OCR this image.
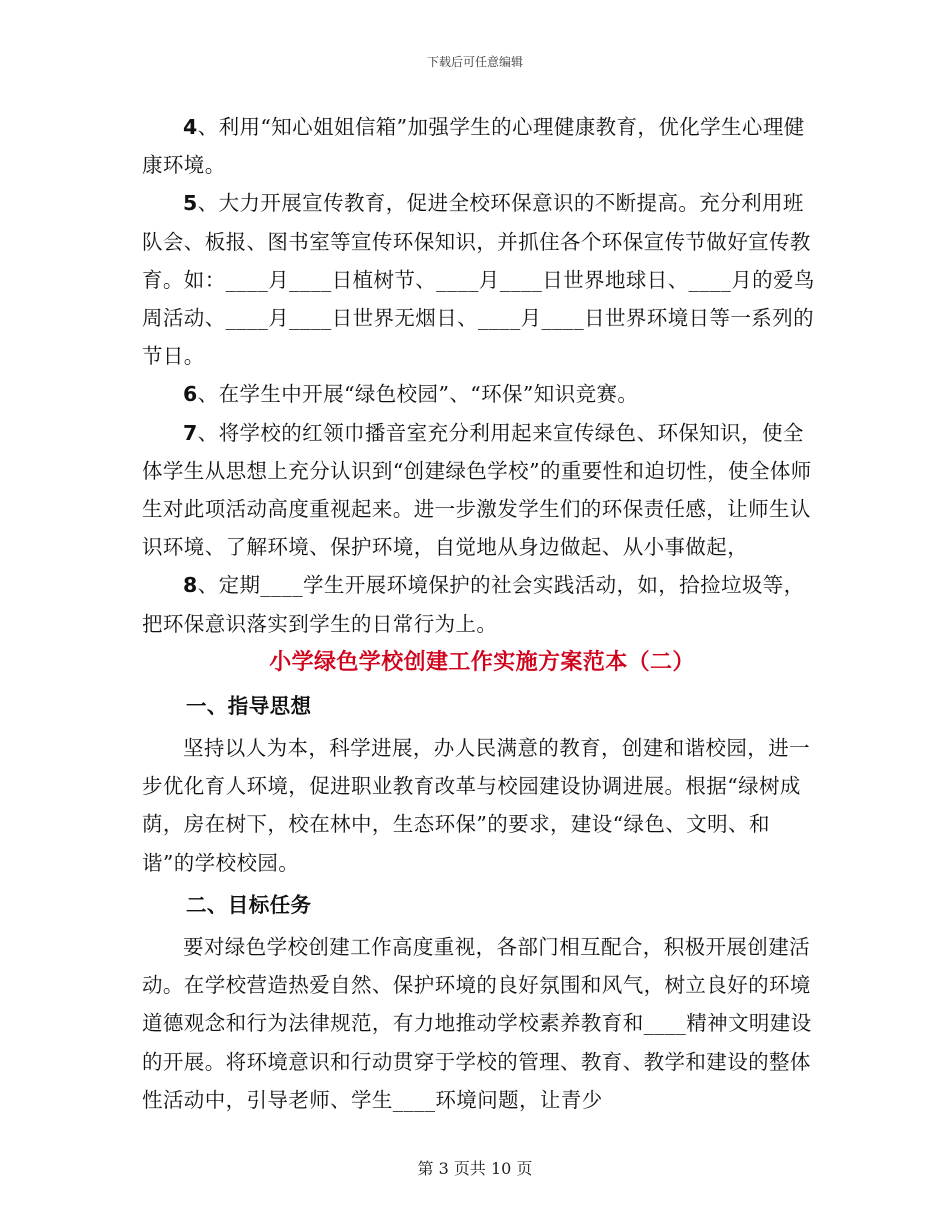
下载后可任意编辑

4、利用“知心姐姐信箱”加强学生的心理健康教育，优化学生心理健康环境。

5、大力开展宣传教育，促进全校环保意识的不断提高。充分利用班队会、板报、图书室等宣传环保知识，并抓住各个环保宣传节做好宣传教育。如：____月____日植树节、____月____日世界地球日、____月的爱鸟周活动、____月____日世界无烟日、____月____日世界环境日等一系列的节日。

6、在学生中开展“绿色校园”、“环保”知识竞赛。

7、将学校的红领巾播音室充分利用起来宣传绿色、环保知识，使全体学生从思想上充分认识到“创建绿色学校”的重要性和迫切性，使全体师生对此项活动高度重视起来。进一步激发学生们的环保责任感，让师生认识环境、了解环境、保护环境，自觉地从身边做起、从小事做起，

8、定期____学生开展环境保护的社会实践活动，如，拾捡垃圾等，把环保意识落实到学生的日常行为上。

小学绿色学校创建工作实施方案范本（二）

一、指导思想

坚持以人为本，科学进展，办人民满意的教育，创建和谐校园，进一步优化育人环境，促进职业教育改革与校园建设协调进展。根据“绿树成荫，房在树下，校在林中，生态环保”的要求，建设“绿色、文明、和谐”的学校校园。

二、目标任务

要对绿色学校创建工作高度重视，各部门相互配合，积极开展创建活动。在学校营造热爱自然、保护环境的良好氛围和风气，树立良好的环境道德观念和行为法律规范，有力地推动学校素养教育和____精神文明建设的开展。将环境意识和行动贯穿于学校的管理、教育、教学和建设的整体性活动中，引导老师、学生____环境问题，让青少

第 3 页共 10 页
